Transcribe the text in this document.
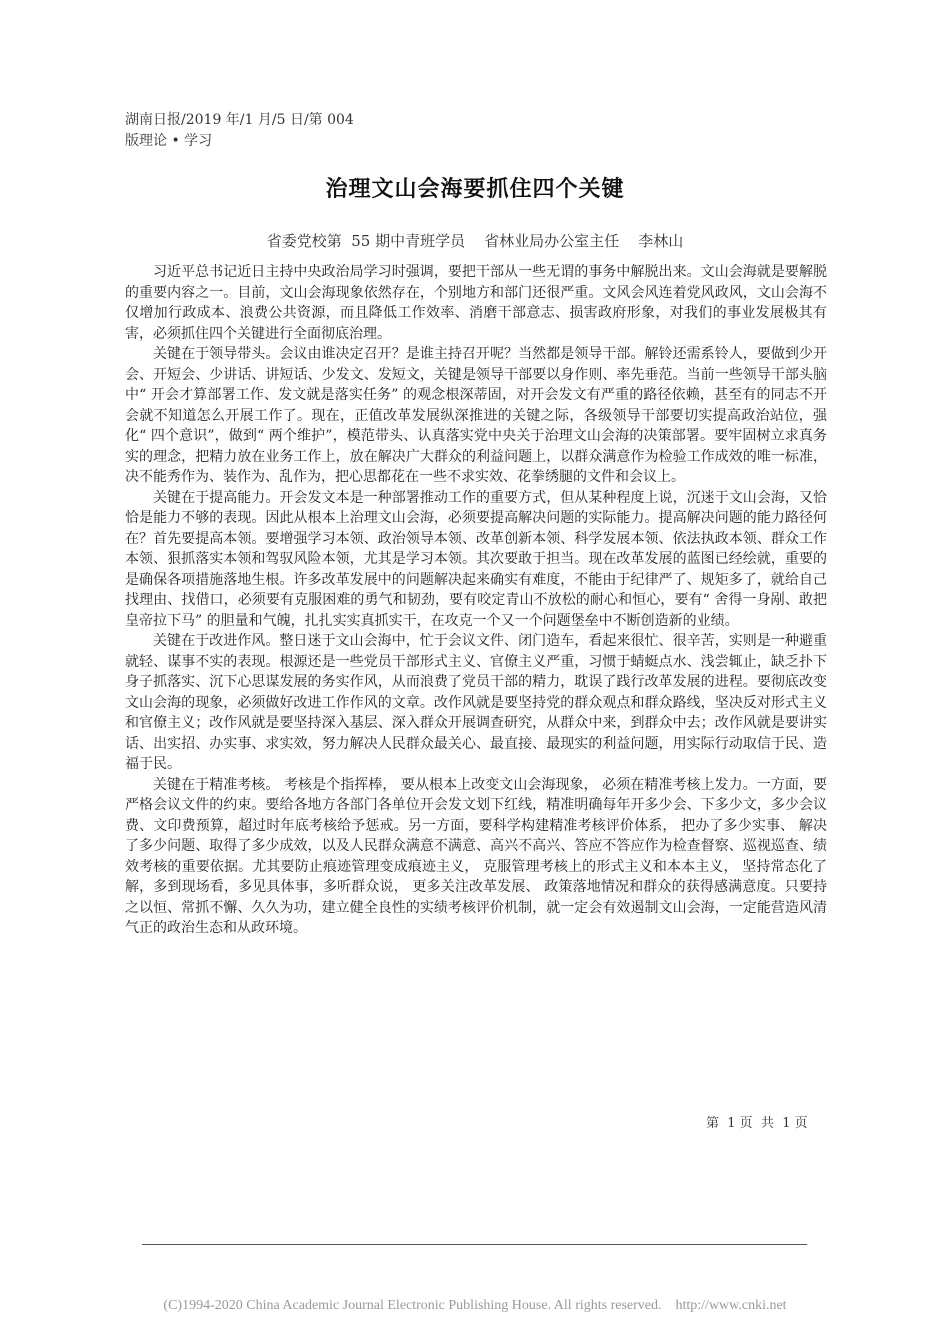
湖南日报/2019 年/1 月/5 日/第 004
版理论 • 学习
治理文山会海要抓住四个关键
省委党校第  55 期中青班学员    省林业局办公室主任    李林山

习近平总书记近日主持中央政治局学习时强调，要把干部从一些无谓的事务中解脱出来。文山会海就是要解脱的重要内容之一。目前，文山会海现象依然存在，个别地方和部门还很严重。文风会风连着党风政风，文山会海不仅增加行政成本、浪费公共资源，而且降低工作效率、消磨干部意志、损害政府形象，对我们的事业发展极其有害，必须抓住四个关键进行全面彻底治理。

关键在于领导带头。会议由谁决定召开？是谁主持召开呢？当然都是领导干部。解铃还需系铃人，要做到少开会、开短会、少讲话、讲短话、少发文、发短文，关键是领导干部要以身作则、率先垂范。当前一些领导干部头脑中“ 开会才算部署工作、发文就是落实任务” 的观念根深蒂固，对开会发文有严重的路径依赖，甚至有的同志不开会就不知道怎么开展工作了。现在，正值改革发展纵深推进的关键之际，各级领导干部要切实提高政治站位，强化“ 四个意识”，做到“ 两个维护”，模范带头、认真落实党中央关于治理文山会海的决策部署。要牢固树立求真务实的理念，把精力放在业务工作上，放在解决广大群众的利益问题上，以群众满意作为检验工作成效的唯一标准，决不能秀作为、装作为、乱作为，把心思都花在一些不求实效、花拳绣腿的文件和会议上。

关键在于提高能力。开会发文本是一种部署推动工作的重要方式，但从某种程度上说，沉迷于文山会海，又恰恰是能力不够的表现。因此从根本上治理文山会海，必须要提高解决问题的实际能力。提高解决问题的能力路径何在？首先要提高本领。要增强学习本领、政治领导本领、改革创新本领、科学发展本领、依法执政本领、群众工作本领、狠抓落实本领和驾驭风险本领，尤其是学习本领。其次要敢于担当。现在改革发展的蓝图已经绘就，重要的是确保各项措施落地生根。许多改革发展中的问题解决起来确实有难度，不能由于纪律严了、规矩多了，就给自己找理由、找借口，必须要有克服困难的勇气和韧劲，要有咬定青山不放松的耐心和恒心，要有“ 舍得一身剐、敢把皇帝拉下马” 的胆量和气魄，扎扎实实真抓实干，在攻克一个又一个问题堡垒中不断创造新的业绩。

关键在于改进作风。整日迷于文山会海中，忙于会议文件、闭门造车，看起来很忙、很辛苦，实则是一种避重就轻、谋事不实的表现。根源还是一些党员干部形式主义、官僚主义严重，习惯于蜻蜓点水、浅尝辄止，缺乏扑下身子抓落实、沉下心思谋发展的务实作风，从而浪费了党员干部的精力，耽误了践行改革发展的进程。要彻底改变文山会海的现象，必须做好改进工作作风的文章。改作风就是要坚持党的群众观点和群众路线，坚决反对形式主义和官僚主义；改作风就是要坚持深入基层、深入群众开展调查研究，从群众中来，到群众中去；改作风就是要讲实话、出实招、办实事、求实效，努力解决人民群众最关心、最直接、最现实的利益问题，用实际行动取信于民、造福于民。

关键在于精准考核。 考核是个指挥棒， 要从根本上改变文山会海现象， 必须在精准考核上发力。一方面，要严格会议文件的约束。要给各地方各部门各单位开会发文划下红线，精准明确每年开多少会、下多少文，多少会议费、文印费预算，超过时年底考核给予惩戒。另一方面，要科学构建精准考核评价体系， 把办了多少实事、 解决了多少问题、取得了多少成效，以及人民群众满意不满意、高兴不高兴、答应不答应作为检查督察、巡视巡查、绩效考核的重要依据。尤其要防止痕迹管理变成痕迹主义， 克服管理考核上的形式主义和本本主义， 坚持常态化了解，多到现场看，多见具体事，多听群众说， 更多关注改革发展、 政策落地情况和群众的获得感满意度。只要持之以恒、常抓不懈、久久为功，建立健全良性的实绩考核评价机制，就一定会有效遏制文山会海，一定能营造风清气正的政治生态和从政环境。

第  1 页  共  1 页
(C)1994-2020 China Academic Journal Electronic Publishing House. All rights reserved.    http://www.cnki.net
